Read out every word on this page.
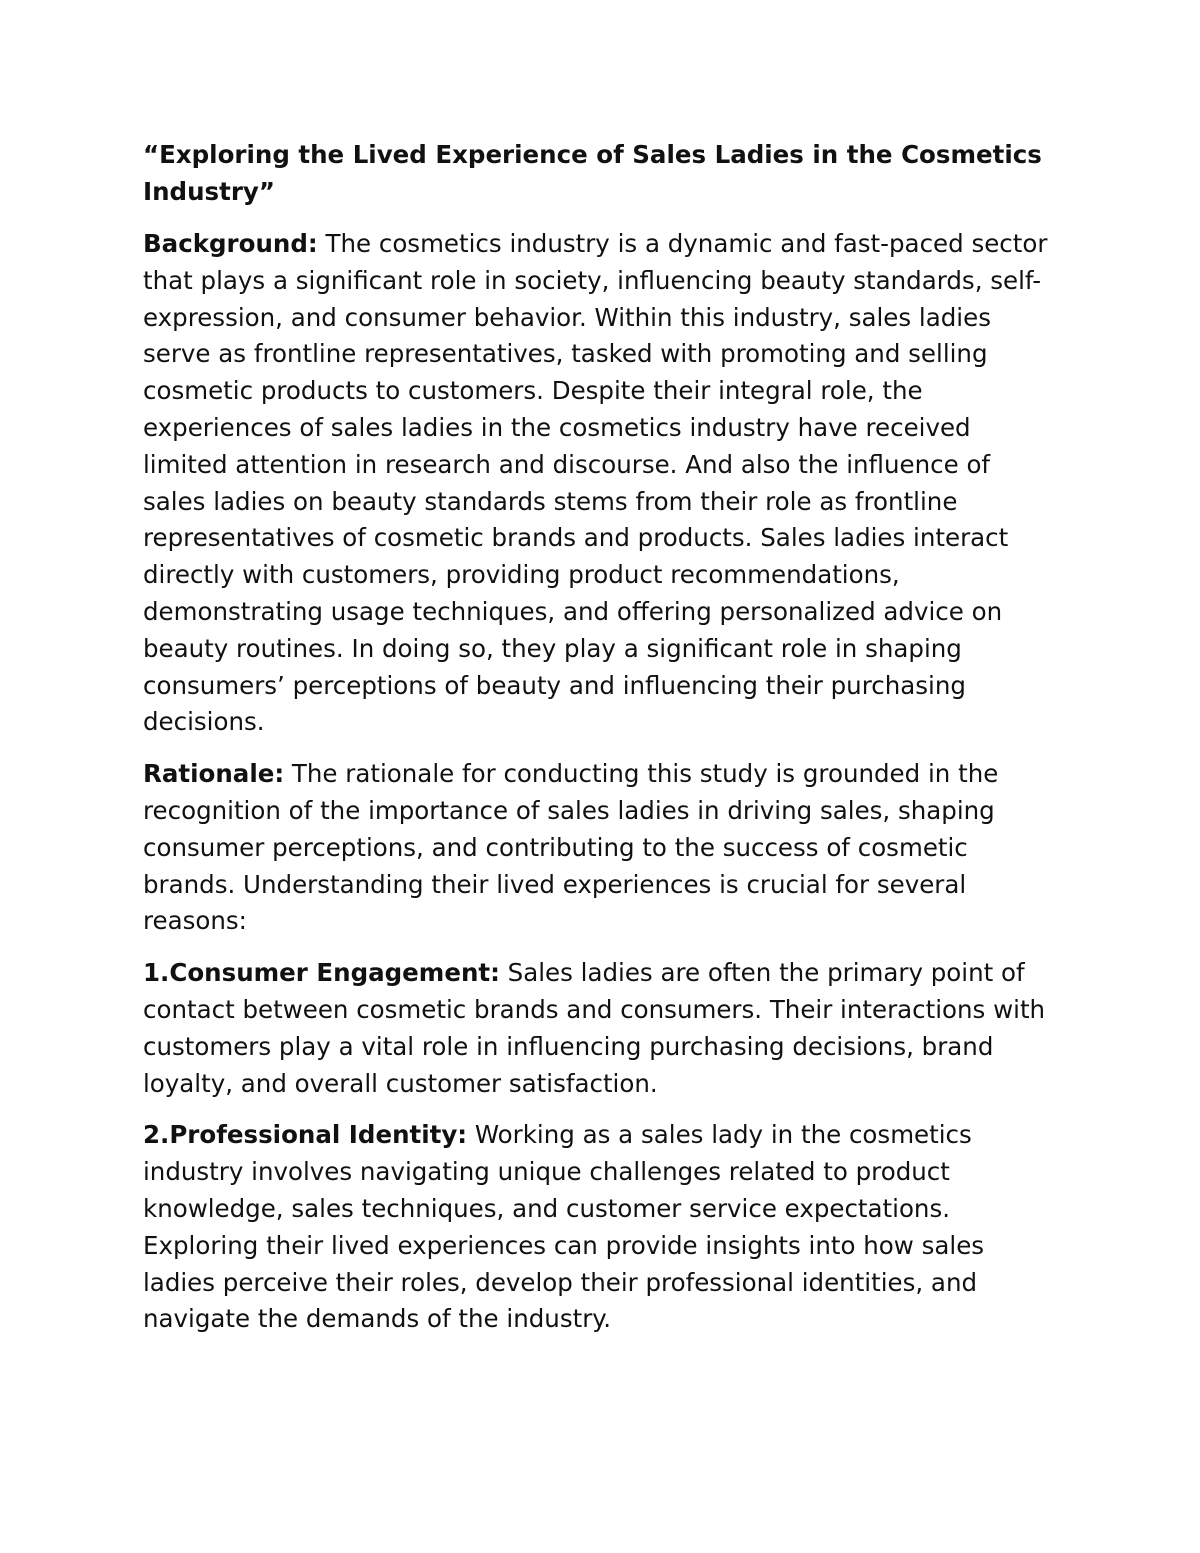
“Exploring the Lived Experience of Sales Ladies in the Cosmetics Industry”

Background: The cosmetics industry is a dynamic and fast-paced sector that plays a significant role in society, influencing beauty standards, self-expression, and consumer behavior. Within this industry, sales ladies serve as frontline representatives, tasked with promoting and selling cosmetic products to customers. Despite their integral role, the experiences of sales ladies in the cosmetics industry have received limited attention in research and discourse. And also the influence of sales ladies on beauty standards stems from their role as frontline representatives of cosmetic brands and products. Sales ladies interact directly with customers, providing product recommendations, demonstrating usage techniques, and offering personalized advice on beauty routines. In doing so, they play a significant role in shaping consumers’ perceptions of beauty and influencing their purchasing decisions.

Rationale: The rationale for conducting this study is grounded in the recognition of the importance of sales ladies in driving sales, shaping consumer perceptions, and contributing to the success of cosmetic brands. Understanding their lived experiences is crucial for several reasons:

1.Consumer Engagement: Sales ladies are often the primary point of contact between cosmetic brands and consumers. Their interactions with customers play a vital role in influencing purchasing decisions, brand loyalty, and overall customer satisfaction.

2.Professional Identity: Working as a sales lady in the cosmetics industry involves navigating unique challenges related to product knowledge, sales techniques, and customer service expectations. Exploring their lived experiences can provide insights into how sales ladies perceive their roles, develop their professional identities, and navigate the demands of the industry.
